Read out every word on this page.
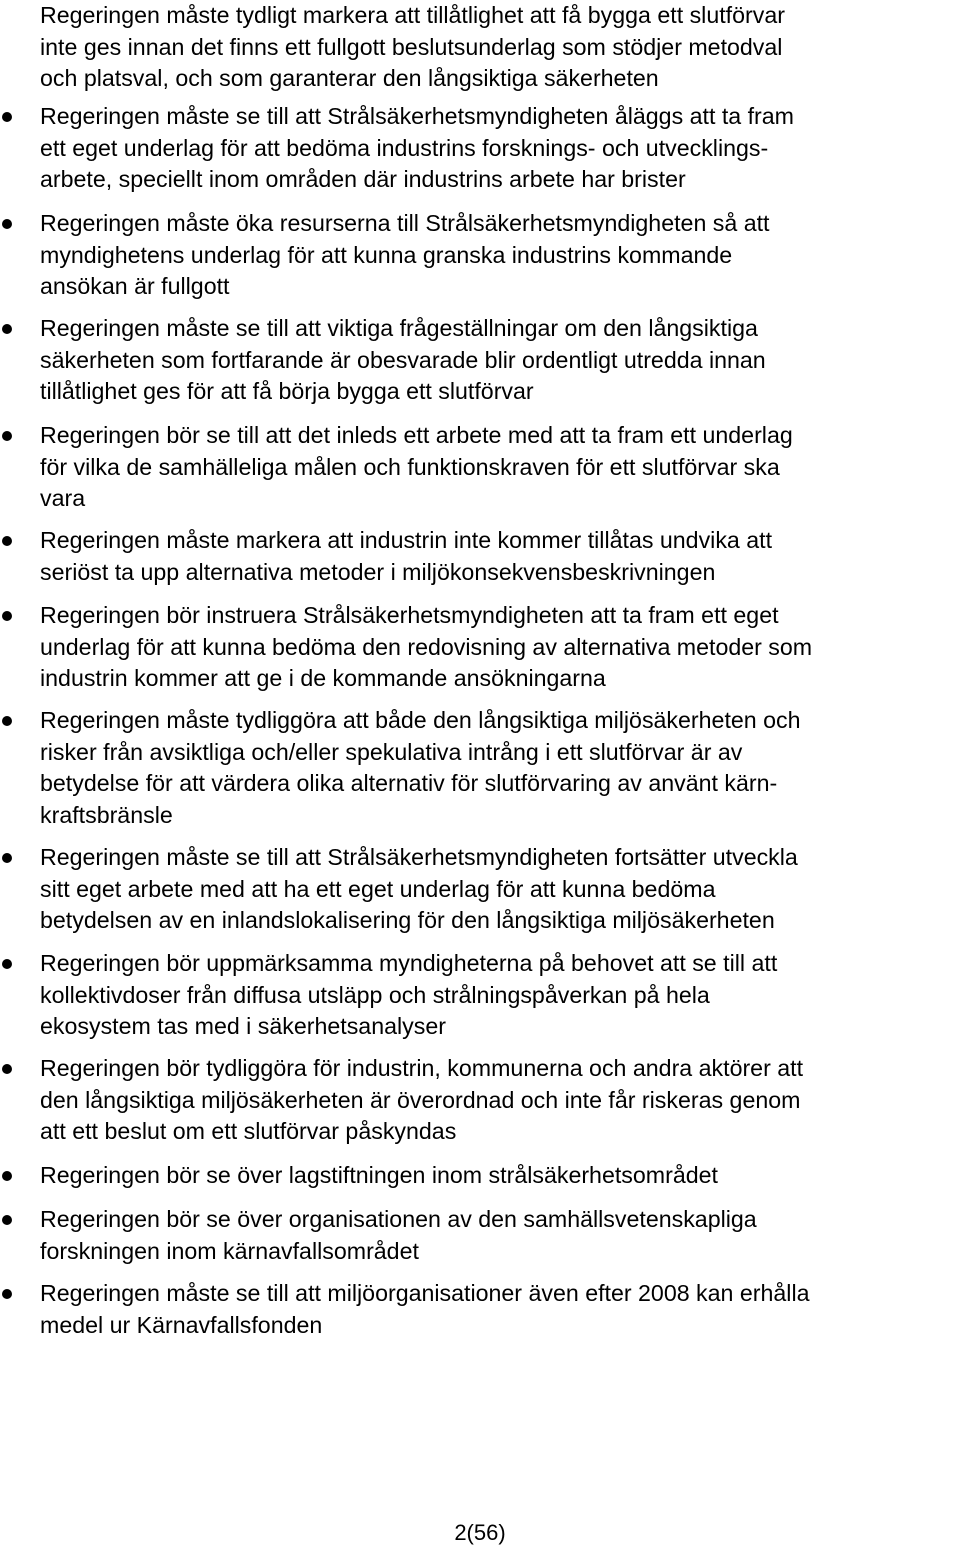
Regeringen måste tydligt markera att tillåtlighet att få bygga ett slutförvar
inte ges innan det finns ett fullgott beslutsunderlag som stödjer metodval
och platsval, och som garanterar den långsiktiga säkerheten
Regeringen måste se till att Strålsäkerhetsmyndigheten åläggs att ta fram
ett eget underlag för att bedöma industrins forsknings- och utvecklings-
arbete, speciellt inom områden där industrins arbete har brister
Regeringen måste öka resurserna till Strålsäkerhetsmyndigheten så att
myndighetens underlag för att kunna granska industrins kommande
ansökan är fullgott
Regeringen måste se till att viktiga frågeställningar om den långsiktiga
säkerheten som fortfarande är obesvarade blir ordentligt utredda innan
tillåtlighet ges för att få börja bygga ett slutförvar
Regeringen bör se till att det inleds ett arbete med att ta fram ett underlag
för vilka de samhälleliga målen och funktionskraven för ett slutförvar ska
vara
Regeringen måste markera att industrin inte kommer tillåtas undvika att
seriöst ta upp alternativa metoder i miljökonsekvensbeskrivningen
Regeringen bör instruera Strålsäkerhetsmyndigheten att ta fram ett eget
underlag för att kunna bedöma den redovisning av alternativa metoder som
industrin kommer att ge i de kommande ansökningarna
Regeringen måste tydliggöra att både den långsiktiga miljösäkerheten och
risker från avsiktliga och/eller spekulativa intrång i ett slutförvar är av
betydelse för att värdera olika alternativ för slutförvaring av använt kärn-
kraftsbränsle
Regeringen måste se till att Strålsäkerhetsmyndigheten fortsätter utveckla
sitt eget arbete med att ha ett eget underlag för att kunna bedöma
betydelsen av en inlandslokalisering för den långsiktiga miljösäkerheten
Regeringen bör uppmärksamma myndigheterna på behovet att se till att
kollektivdoser från diffusa utsläpp och strålningspåverkan på hela
ekosystem tas med i säkerhetsanalyser
Regeringen bör tydliggöra för industrin, kommunerna och andra aktörer att
den långsiktiga miljösäkerheten är överordnad och inte får riskeras genom
att ett beslut om ett slutförvar påskyndas
Regeringen bör se över lagstiftningen inom strålsäkerhetsområdet
Regeringen bör se över organisationen av den samhällsvetenskapliga
forskningen inom kärnavfallsområdet
Regeringen måste se till att miljöorganisationer även efter 2008 kan erhålla
medel ur Kärnavfallsfonden
2(56)
